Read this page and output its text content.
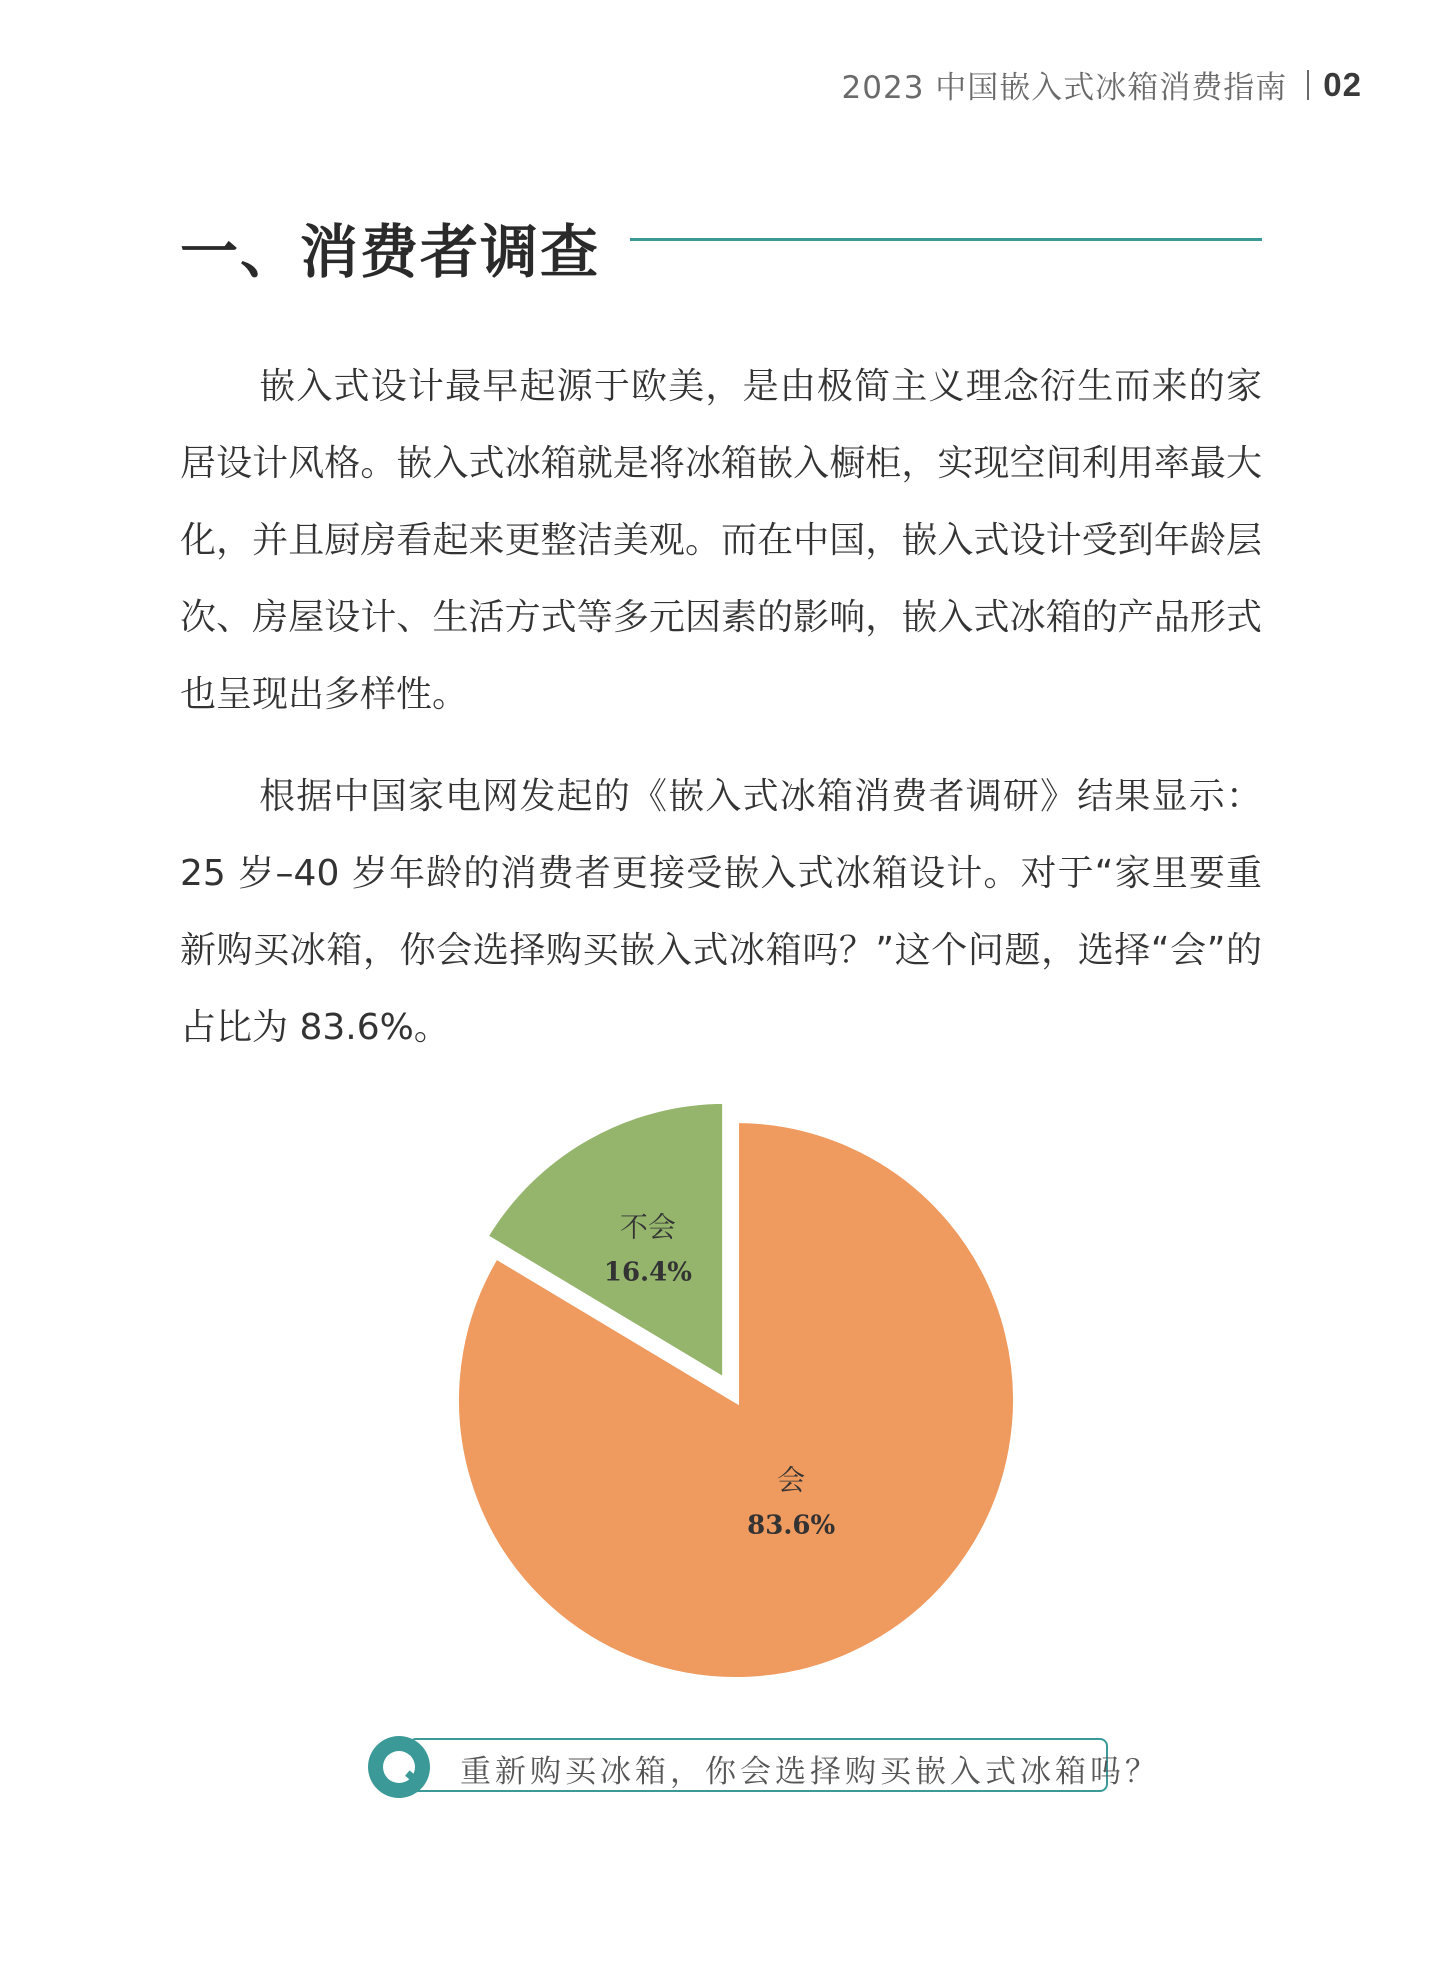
2023 中国嵌入式冰箱消费指南 02
一、消费者调查

嵌入式设计最早起源于欧美，是由极简主义理念衍生而来的家居设计风格。嵌入式冰箱就是将冰箱嵌入橱柜，实现空间利用率最大化，并且厨房看起来更整洁美观。而在中国，嵌入式设计受到年龄层次、房屋设计、生活方式等多元因素的影响，嵌入式冰箱的产品形式也呈现出多样性。

根据中国家电网发起的《嵌入式冰箱消费者调研》结果显示：25 岁–40 岁年龄的消费者更接受嵌入式冰箱设计。对于“家里要重新购买冰箱，你会选择购买嵌入式冰箱吗？”这个问题，选择“会”的占比为 83.6%。

不会
16.4%
会
83.6%
重新购买冰箱，你会选择购买嵌入式冰箱吗？
